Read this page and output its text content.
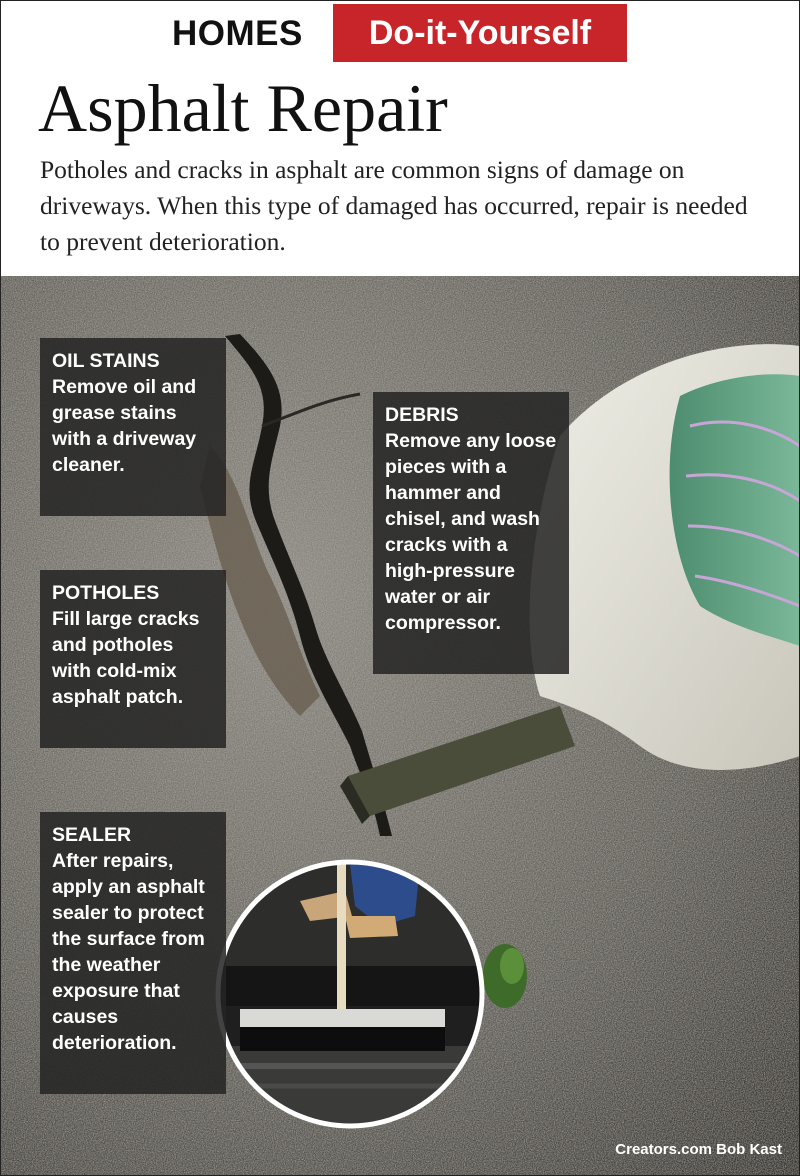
HOMES	Do-it-Yourself
Asphalt Repair
Potholes and cracks in asphalt are common signs of damage on driveways. When this type of damaged has occurred, repair is needed to prevent deterioration.
OIL STAINS
Remove oil and grease stains with a driveway cleaner.
DEBRIS
Remove any loose pieces with a hammer and chisel, and wash cracks with a high-pressure water or air compressor.
POTHOLES
Fill large cracks and potholes with cold-mix asphalt patch.
SEALER
After repairs, apply an asphalt sealer to protect the surface from the weather exposure that causes deterioration.
Creators.com Bob Kast
